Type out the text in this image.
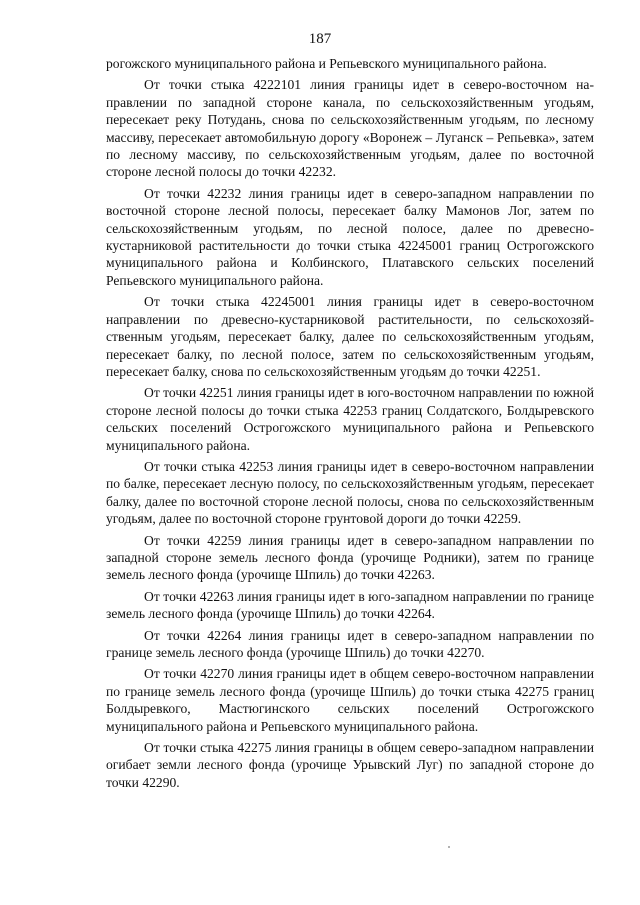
187

рогожского муниципального района и Репьевского муниципального района.

От точки стыка 4222101 линия границы идет в северо-восточном направлении по западной стороне канала, по сельскохозяйственным угодьям, пересекает реку Потудань, снова по сельскохозяйственным угодьям, по лесному массиву, пересекает автомобильную дорогу «Воронеж – Луганск – Репьевка», затем по лесному массиву, по сельскохозяйственным угодьям, далее по восточной стороне лесной полосы до точки 42232.

От точки 42232 линия границы идет в северо-западном направлении по восточной стороне лесной полосы, пересекает балку Мамонов Лог, затем по сельскохозяйственным угодьям, по лесной полосе, далее по древесно-кустарниковой растительности до точки стыка 42245001 границ Острогожского муниципального района и Колбинского, Платавского сельских поселений Репьевского муниципального района.

От точки стыка 42245001 линия границы идет в северо-восточном направлении по древесно-кустарниковой растительности, по сельскохозяйственным угодьям, пересекает балку, далее по сельскохозяйственным угодьям, пересекает балку, по лесной полосе, затем по сельскохозяйственным угодьям, пересекает балку, снова по сельскохозяйственным угодьям до точки 42251.

От точки 42251 линия границы идет в юго-восточном направлении по южной стороне лесной полосы до точки стыка 42253 границ Солдатского, Болдыревского сельских поселений Острогожского муниципального района и Репьевского муниципального района.

От точки стыка 42253 линия границы идет в северо-восточном направлении по балке, пересекает лесную полосу, по сельскохозяйственным угодьям, пересекает балку, далее по восточной стороне лесной полосы, снова по сельскохозяйственным угодьям, далее по восточной стороне грунтовой дороги до точки 42259.

От точки 42259 линия границы идет в северо-западном направлении по западной стороне земель лесного фонда (урочище Родники), затем по границе земель лесного фонда (урочище Шпиль) до точки 42263.

От точки 42263 линия границы идет в юго-западном направлении по границе земель лесного фонда (урочище Шпиль) до точки 42264.

От точки 42264 линия границы идет в северо-западном направлении по границе земель лесного фонда (урочище Шпиль) до точки 42270.

От точки 42270 линия границы идет в общем северо-восточном направлении по границе земель лесного фонда (урочище Шпиль) до точки стыка 42275 границ Болдыревкого, Мастюгинского сельских поселений Острогожского муниципального района и Репьевского муниципального района.

От точки стыка 42275 линия границы в общем северо-западном направлении огибает земли лесного фонда (урочище Урывский Луг) по западной стороне до точки 42290.
